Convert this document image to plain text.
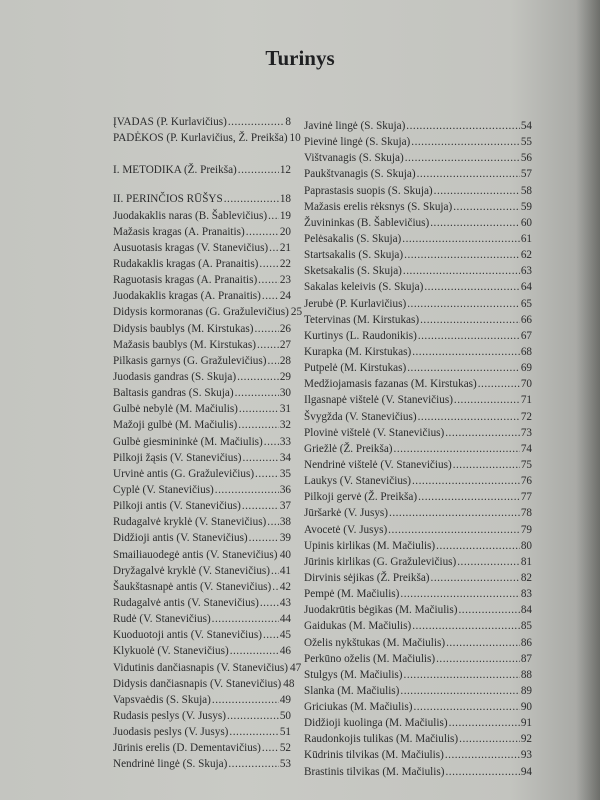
Turinys
ĮVADAS (P. Kurlavičius) .....	8
PADĖKOS (P. Kurlavičius, Ž. Preikša) 10
I. METODIKA (Ž. Preikša) .....	12
II. PERINČIOS RŪŠYS .....	18
Juodakaklis naras (B. Šablevičius) ..... 19
Mažasis kragas (A. Pranaitis) .....	20
Ausuotasis kragas (V. Stanevičius) ..... 21
Rudakaklis kragas (A. Pranaitis) ..... 22
Raguotasis kragas (A. Pranaitis) ..... 23
Juodakaklis kragas (A. Pranaitis) ..... 24
Didysis kormoranas (G. Gražulevičius) 25
Didysis baublys (M. Kirstukas) ..... 26
Mažasis baublys (M. Kirstukas) ..... 27
Pilkasis garnys (G. Gražulevičius) ..... 28
Juodasis gandras (S. Skuja) .....	29
Baltasis gandras (S. Skuja) .....	30
Gulbė nebylė (M. Mačiulis) .....	31
Mažoji gulbė (M. Mačiulis) .....	32
Gulbė giesmininkė (M. Mačiulis) ..... 33
Pilkoji žąsis (V. Stanevičius) .....	34
Urvinė antis (G. Gražulevičius) ..... 35
Cyplė (V. Stanevičius) .....	36
Pilkoji antis (V. Stanevičius) .....	37
Rudagalvė kryklė (V. Stanevičius) ..... 38
Didžioji antis (V. Stanevičius) .....	39
Smailiauodegė antis (V. Stanevičius) ..... 40
Dryžagalvė kryklė (V. Stanevičius) ..... 41
Šaukštasnapė antis (V. Stanevičius) ..... 42
Rudagalvė antis (V. Stanevičius) ..... 43
Rudė (V. Stanevičius) .....	44
Kuoduotoji antis (V. Stanevičius) ..... 45
Klykuolė (V. Stanevičius) .....	46
Vidutinis dančiasnapis (V. Stanevičius) 47
Didysis dančiasnapis (V. Stanevičius) 48
Vapsvaėdis (S. Skuja) .....	49
Rudasis peslys (V. Jusys) .....	50
Juodasis peslys (V. Jusys) .....	51
Jūrinis erelis (D. Dementavičius) ..... 52
Nendrinė lingė (S. Skuja) .....	53
Javinė lingė (S. Skuja) .....	54
Pievinė lingė (S. Skuja) .....	55
Vištvanagis (S. Skuja) .....	56
Paukštvanagis (S. Skuja) .....	57
Paprastasis suopis (S. Skuja) .....	58
Mažasis erelis rėksnys (S. Skuja) .....	59
Žuvininkas (B. Šablevičius) .....	60
Pelėsakalis (S. Skuja) .....	61
Startsakalis (S. Skuja) .....	62
Sketsakalis (S. Skuja) .....	63
Sakalas keleivis (S. Skuja) .....	64
Jerubė (P. Kurlavičius) .....	65
Tetervinas (M. Kirstukas) .....	66
Kurtinys (L. Raudonikis) .....	67
Kurapka (M. Kirstukas) .....	68
Putpelė (M. Kirstukas) .....	69
Medžiojamasis fazanas (M. Kirstukas) .....	70
Ilgasnapė vištelė (V. Stanevičius) .....	71
Švygžda (V. Stanevičius) .....	72
Plovinė vištelė (V. Stanevičius) .....	73
Griežlė (Ž. Preikša) .....	74
Nendrinė vištelė (V. Stanevičius) .....	75
Laukys (V. Stanevičius) .....	76
Pilkoji gervė (Ž. Preikša) .....	77
Jūršarkė (V. Jusys) .....	78
Avocetė (V. Jusys) .....	79
Upinis kirlikas (M. Mačiulis) .....	80
Jūrinis kirlikas (G. Gražulevičius) .....	81
Dirvinis sėjikas (Ž. Preikša) .....	82
Pempė (M. Mačiulis) .....	83
Juodakrūtis bėgikas (M. Mačiulis) .....	84
Gaidukas (M. Mačiulis) .....	85
Oželis nykštukas (M. Mačiulis) .....	86
Perkūno oželis (M. Mačiulis) .....	87
Stulgys (M. Mačiulis) .....	88
Slanka (M. Mačiulis) .....	89
Griciukas (M. Mačiulis) .....	90
Didžioji kuolinga (M. Mačiulis) .....	91
Raudonkojis tulikas (M. Mačiulis) .....	92
Kūdrinis tilvikas (M. Mačiulis) .....	93
Brastinis tilvikas (M. Mačiulis) .....	94
